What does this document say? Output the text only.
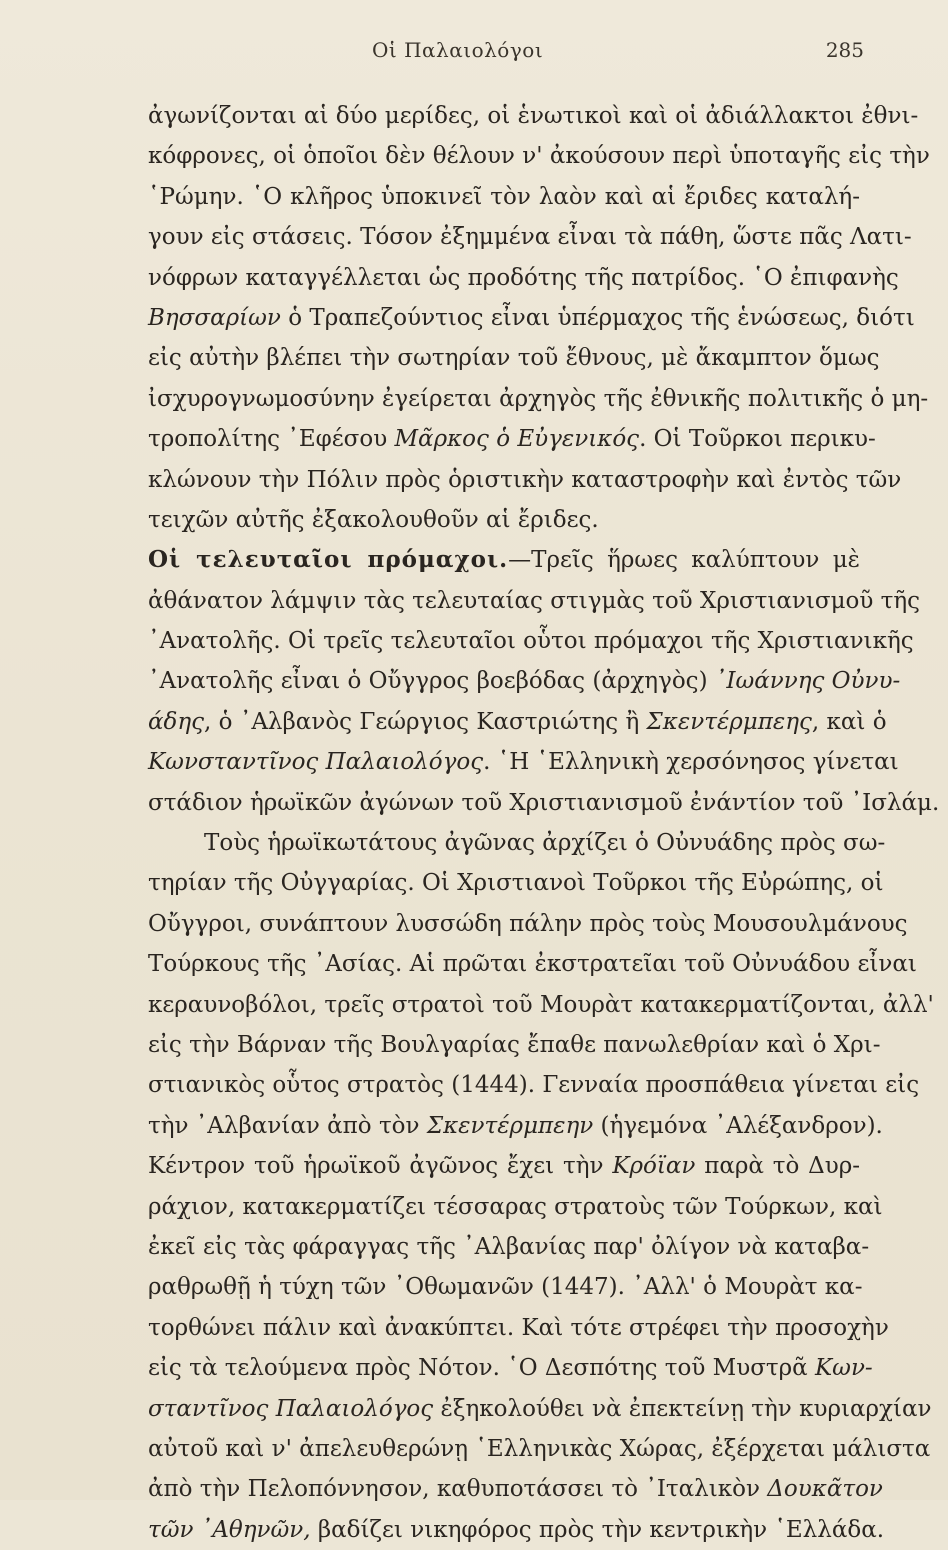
Οἱ Παλαιολόγοι	285
ἀγωνίζονται αἱ δύο μερίδες, οἱ ἑνωτικοὶ καὶ οἱ ἀδιάλλακτοι ἐθνι-
κόφρονες, οἱ ὁποῖοι δὲν θέλουν ν' ἀκούσουν περὶ ὑποταγῆς εἰς τὴν
῾Ρώμην. ῾Ο κλῆρος ὑποκινεῖ τὸν λαὸν καὶ αἱ ἔριδες καταλή-
γουν εἰς στάσεις. Τόσον ἐξημμένα εἶναι τὰ πάθη, ὥστε πᾶς Λατι-
νόφρων καταγγέλλεται ὡς προδότης τῆς πατρίδος. ῾Ο ἐπιφανὴς
Βησσαρίων ὁ Τραπεζούντιος εἶναι ὑπέρμαχος τῆς ἑνώσεως, διότι
εἰς αὐτὴν βλέπει τὴν σωτηρίαν τοῦ ἔθνους, μὲ ἄκαμπτον ὅμως
ἰσχυρογνωμοσύνην ἐγείρεται ἀρχηγὸς τῆς ἐθνικῆς πολιτικῆς ὁ μη-
τροπολίτης ᾿Εφέσου Μᾶρκος ὁ Εὐγενικός. Οἱ Τοῦρκοι περικυ-
κλώνουν τὴν Πόλιν πρὸς ὁριστικὴν καταστροφὴν καὶ ἐντὸς τῶν
τειχῶν αὐτῆς ἐξακολουθοῦν αἱ ἔριδες.
Οἱ τελευταῖοι πρόμαχοι.—Τρεῖς ἥρωες καλύπτουν μὲ
ἀθάνατον λάμψιν τὰς τελευταίας στιγμὰς τοῦ Χριστιανισμοῦ τῆς
᾿Ανατολῆς. Οἱ τρεῖς τελευταῖοι οὗτοι πρόμαχοι τῆς Χριστιανικῆς
᾿Ανατολῆς εἶναι ὁ Οὔγγρος βοεβόδας (ἀρχηγὸς) ᾿Ιωάννης Οὐνυ-
άδης, ὁ ᾿Αλβανὸς Γεώργιος Καστριώτης ἢ Σκεντέρμπεης, καὶ ὁ
Κωνσταντῖνος Παλαιολόγος. ῾Η ῾Ελληνικὴ χερσόνησος γίνεται
στάδιον ἡρωϊκῶν ἀγώνων τοῦ Χριστιανισμοῦ ἐνάντίον τοῦ ᾿Ισλάμ.
Τοὺς ἡρωϊκωτάτους ἀγῶνας ἀρχίζει ὁ Οὐνυάδης πρὸς σω-
τηρίαν τῆς Οὐγγαρίας. Οἱ Χριστιανοὶ Τοῦρκοι τῆς Εὐρώπης, οἱ
Οὔγγροι, συνάπτουν λυσσώδη πάλην πρὸς τοὺς Μουσουλμάνους
Τούρκους τῆς ᾿Ασίας. Αἱ πρῶται ἐκστρατεῖαι τοῦ Οὐνυάδου εἶναι
κεραυνοβόλοι, τρεῖς στρατοὶ τοῦ Μουρὰτ κατακερματίζονται, ἀλλ'
εἰς τὴν Βάρναν τῆς Βουλγαρίας ἔπαθε πανωλεθρίαν καὶ ὁ Χρι-
στιανικὸς οὗτος στρατὸς (1444). Γενναία προσπάθεια γίνεται εἰς
τὴν ᾿Αλβανίαν ἀπὸ τὸν Σκεντέρμπεην (ἡγεμόνα ᾿Αλέξανδρον).
Κέντρον τοῦ ἡρωϊκοῦ ἀγῶνος ἔχει τὴν Κρόϊαν παρὰ τὸ Δυρ-
ράχιον, κατακερματίζει τέσσαρας στρατοὺς τῶν Τούρκων, καὶ
ἐκεῖ εἰς τὰς φάραγγας τῆς ᾿Αλβανίας παρ' ὀλίγον νὰ καταβα-
ραθρωθῇ ἡ τύχη τῶν ᾿Οθωμανῶν (1447). ᾿Αλλ' ὁ Μουρὰτ κα-
τορθώνει πάλιν καὶ ἀνακύπτει. Καὶ τότε στρέφει τὴν προσοχὴν
εἰς τὰ τελούμενα πρὸς Νότον. ῾Ο Δεσπότης τοῦ Μυστρᾶ Κων-
σταντῖνος Παλαιολόγος ἐξηκολούθει νὰ ἐπεκτείνῃ τὴν κυριαρχίαν
αὐτοῦ καὶ ν' ἀπελευθερώνῃ ῾Ελληνικὰς Χώρας, ἐξέρχεται μάλιστα
ἀπὸ τὴν Πελοπόννησον, καθυποτάσσει τὸ ᾿Ιταλικὸν Δουκᾶτον
τῶν ᾿Αθηνῶν, βαδίζει νικηφόρος πρὸς τὴν κεντρικὴν ῾Ελλάδα.
